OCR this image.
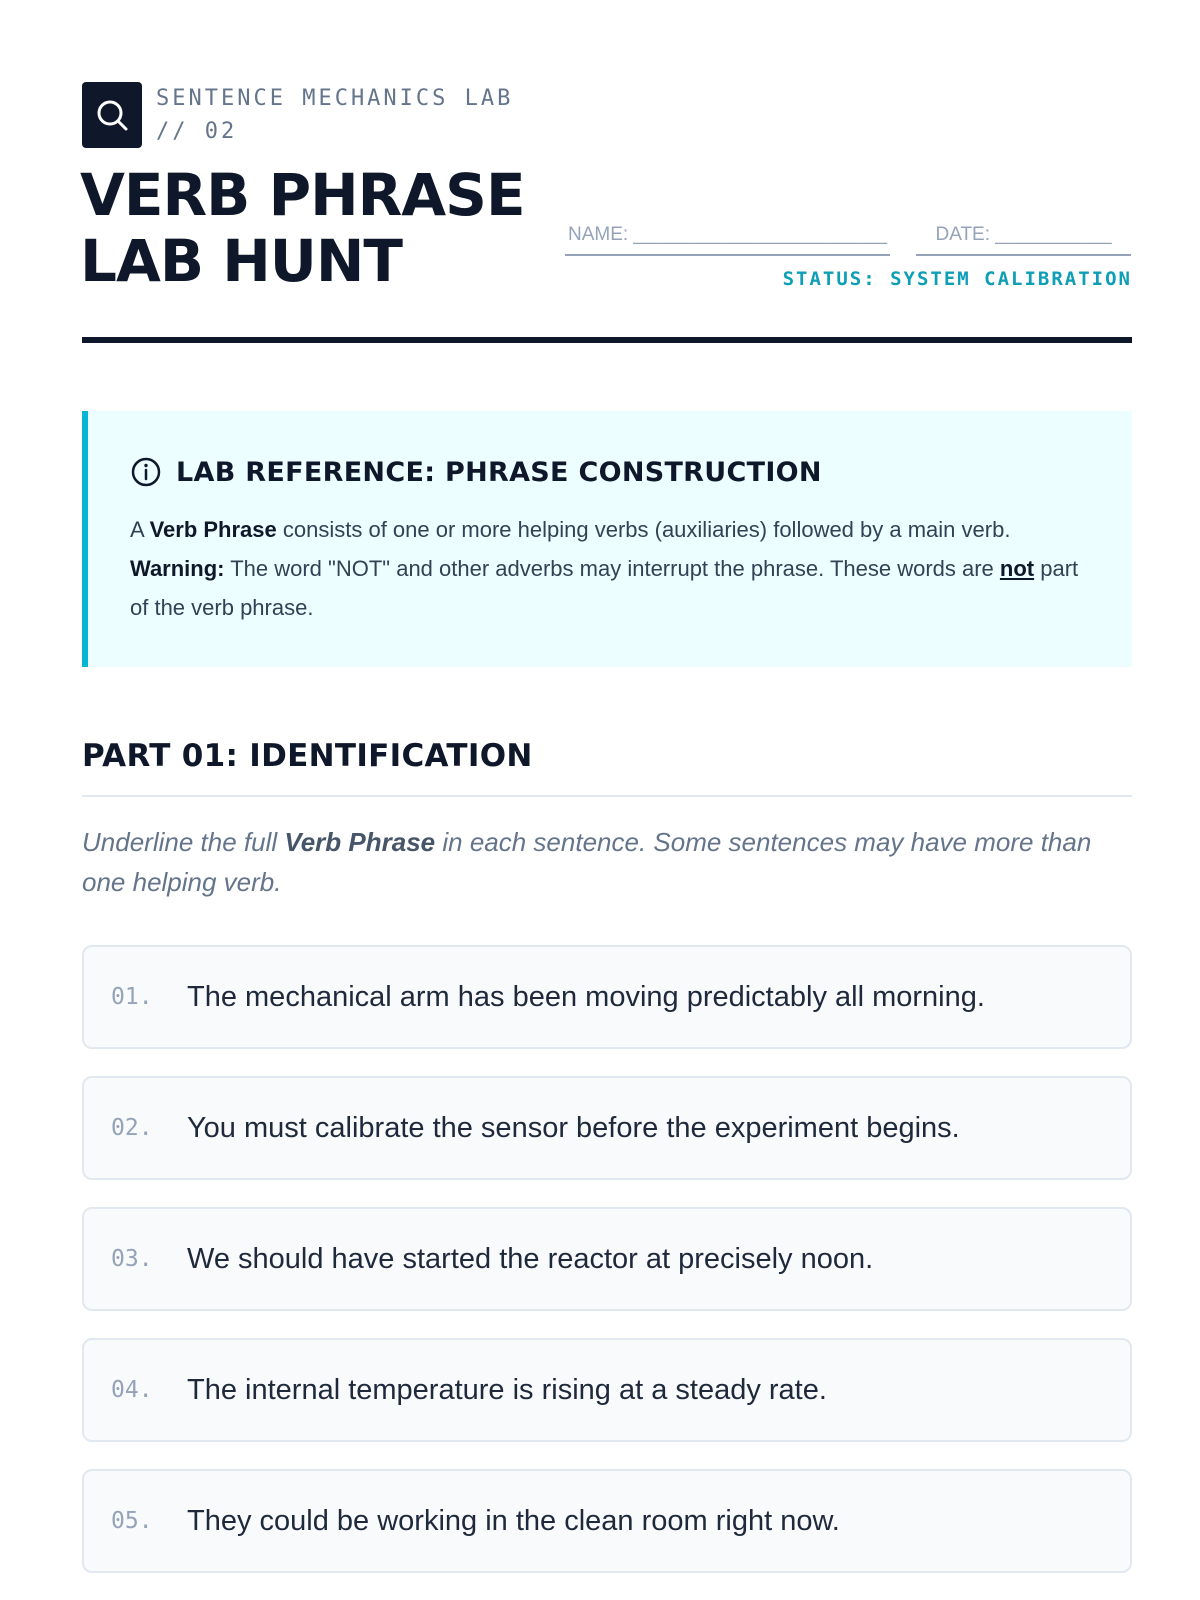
SENTENCE MECHANICS LAB
// 02
VERB PHRASE
LAB HUNT	NAME: ________________________	DATE: ___________
STATUS: SYSTEM CALIBRATION
LAB REFERENCE: PHRASE CONSTRUCTION
A Verb Phrase consists of one or more helping verbs (auxiliaries) followed by a main verb.
Warning: The word "NOT" and other adverbs may interrupt the phrase. These words are not part of the verb phrase.
PART 01: IDENTIFICATION

Underline the full Verb Phrase in each sentence. Some sentences may have more than one helping verb.

01.	The mechanical arm has been moving predictably all morning.
02.	You must calibrate the sensor before the experiment begins.
03.	We should have started the reactor at precisely noon.
04.	The internal temperature is rising at a steady rate.
05.	They could be working in the clean room right now.
